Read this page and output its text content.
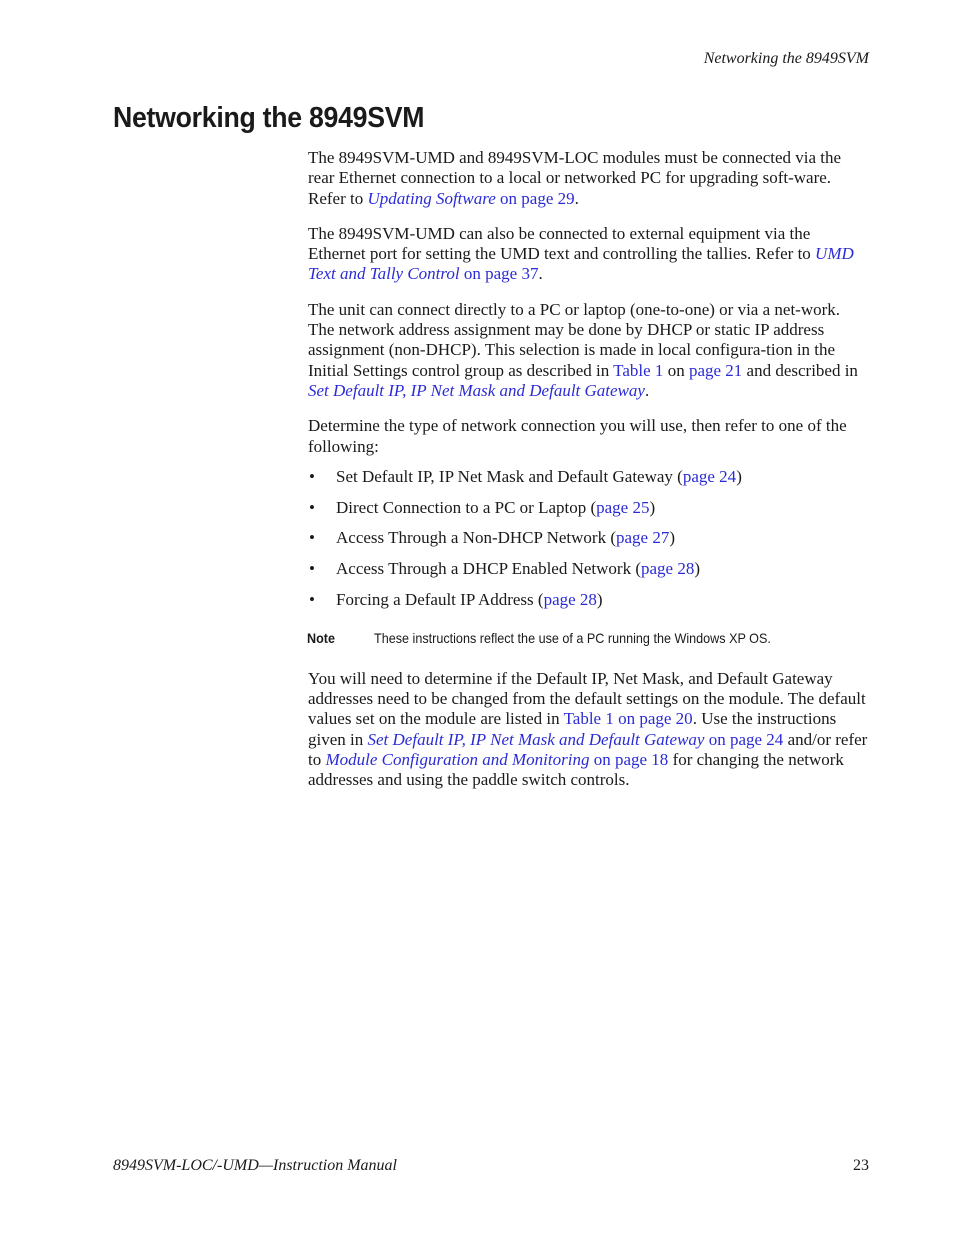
Networking the 8949SVM
Networking the 8949SVM

The 8949SVM-UMD and 8949SVM-LOC modules must be connected via the rear Ethernet connection to a local or networked PC for upgrading soft-ware. Refer to Updating Software on page 29.

The 8949SVM-UMD can also be connected to external equipment via the Ethernet port for setting the UMD text and controlling the tallies. Refer to UMD Text and Tally Control on page 37.

The unit can connect directly to a PC or laptop (one-to-one) or via a net-work. The network address assignment may be done by DHCP or static IP address assignment (non-DHCP). This selection is made in local configura-tion in the Initial Settings control group as described in Table 1 on page 21 and described in Set Default IP, IP Net Mask and Default Gateway.

Determine the type of network connection you will use, then refer to one of the following:

• Set Default IP, IP Net Mask and Default Gateway (page 24)
• Direct Connection to a PC or Laptop (page 25)
• Access Through a Non-DHCP Network (page 27)
• Access Through a DHCP Enabled Network (page 28)
• Forcing a Default IP Address (page 28)
Note	These instructions reflect the use of a PC running the Windows XP OS.

You will need to determine if the Default IP, Net Mask, and Default Gateway addresses need to be changed from the default settings on the module. The default values set on the module are listed in Table 1 on page 20. Use the instructions given in Set Default IP, IP Net Mask and Default Gateway on page 24 and/or refer to Module Configuration and Monitoring on page 18 for changing the network addresses and using the paddle switch controls.

8949SVM-LOC/-UMD—Instruction Manual	23
